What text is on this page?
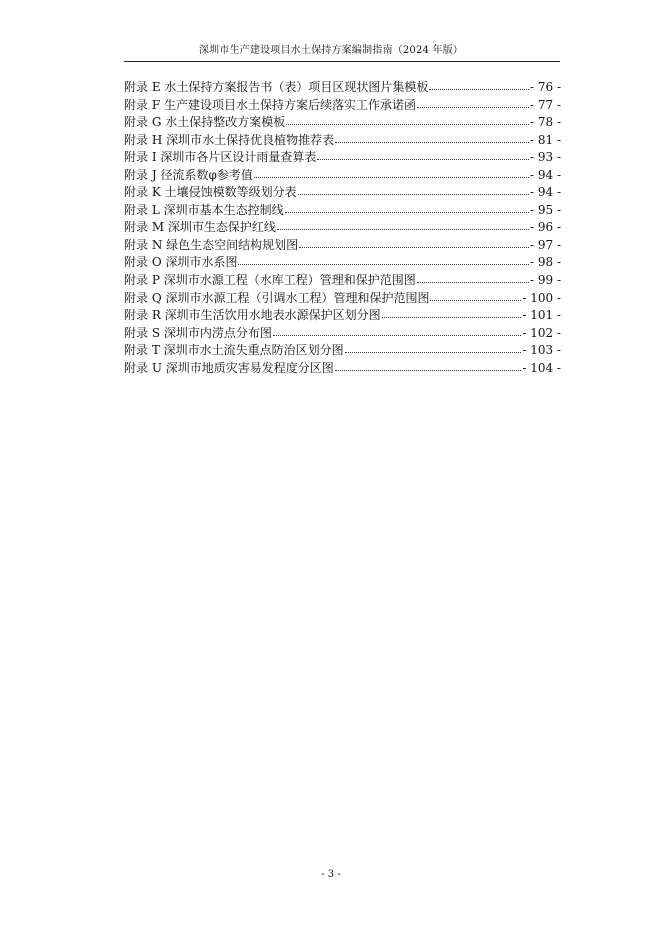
深圳市生产建设项目水土保持方案编制指南（2024 年版）
附录 E 水土保持方案报告书（表）项目区现状图片集模板	- 76 -
附录 F 生产建设项目水土保持方案后续落实工作承诺函	- 77 -
附录 G 水土保持整改方案模板	- 78 -
附录 H 深圳市水土保持优良植物推荐表	- 81 -
附录 I 深圳市各片区设计雨量查算表	- 93 -
附录 J 径流系数φ参考值	- 94 -
附录 K 土壤侵蚀模数等级划分表	- 94 -
附录 L 深圳市基本生态控制线	- 95 -
附录 M 深圳市生态保护红线	- 96 -
附录 N 绿色生态空间结构规划图	- 97 -
附录 O 深圳市水系图	- 98 -
附录 P 深圳市水源工程（水库工程）管理和保护范围图	- 99 -
附录 Q 深圳市水源工程（引调水工程）管理和保护范围图	- 100 -
附录 R 深圳市生活饮用水地表水源保护区划分图	- 101 -
附录 S 深圳市内涝点分布图	- 102 -
附录 T 深圳市水土流失重点防治区划分图	- 103 -
附录 U 深圳市地质灾害易发程度分区图	- 104 -
- 3 -
